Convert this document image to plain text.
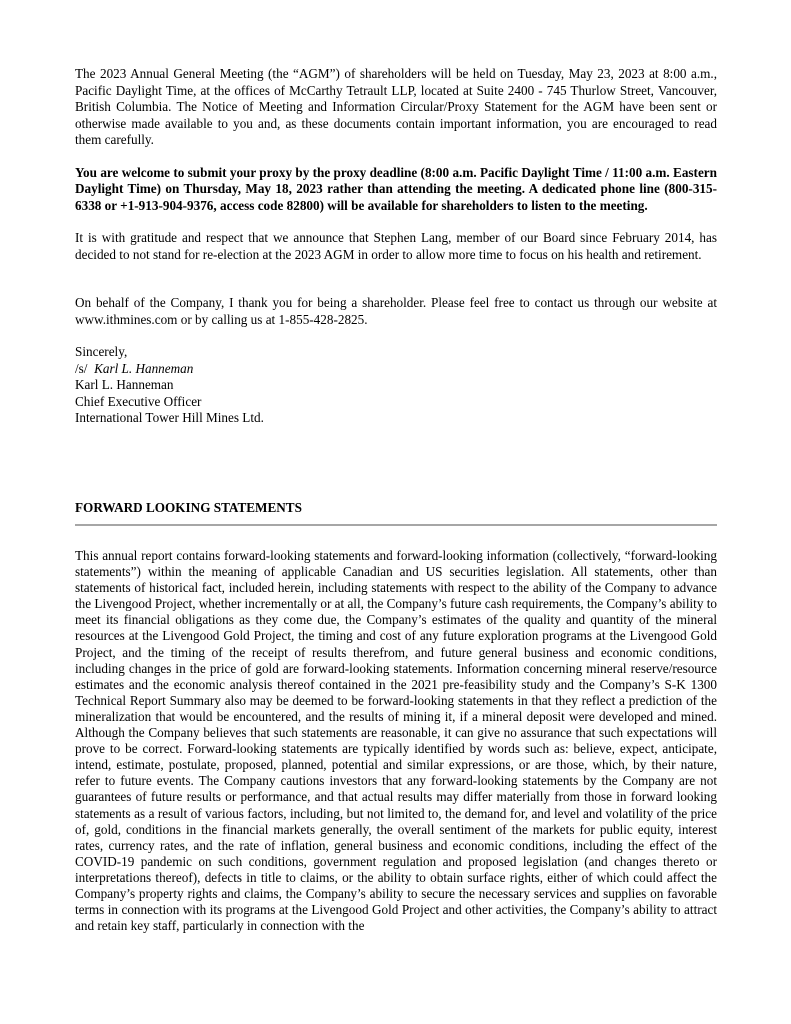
The 2023 Annual General Meeting (the “AGM”) of shareholders will be held on Tuesday, May 23, 2023 at 8:00 a.m., Pacific Daylight Time, at the offices of McCarthy Tetrault LLP, located at Suite 2400 - 745 Thurlow Street, Vancouver, British Columbia. The Notice of Meeting and Information Circular/Proxy Statement for the AGM have been sent or otherwise made available to you and, as these documents contain important information, you are encouraged to read them carefully.

You are welcome to submit your proxy by the proxy deadline (8:00 a.m. Pacific Daylight Time / 11:00 a.m. Eastern Daylight Time) on Thursday, May 18, 2023 rather than attending the meeting. A dedicated phone line (800-315-6338 or +1-913-904-9376, access code 82800) will be available for shareholders to listen to the meeting.

It is with gratitude and respect that we announce that Stephen Lang, member of our Board since February 2014, has decided to not stand for re-election at the 2023 AGM in order to allow more time to focus on his health and retirement.

On behalf of the Company, I thank you for being a shareholder. Please feel free to contact us through our website at www.ithmines.com or by calling us at 1-855-428-2825.

Sincerely,

/s/ Karl L. Hanneman

Karl L. Hanneman

Chief Executive Officer

International Tower Hill Mines Ltd.

FORWARD LOOKING STATEMENTS

This annual report contains forward-looking statements and forward-looking information (collectively, “forward-looking statements”) within the meaning of applicable Canadian and US securities legislation. All statements, other than statements of historical fact, included herein, including statements with respect to the ability of the Company to advance the Livengood Project, whether incrementally or at all, the Company’s future cash requirements, the Company’s ability to meet its financial obligations as they come due, the Company’s estimates of the quality and quantity of the mineral resources at the Livengood Gold Project, the timing and cost of any future exploration programs at the Livengood Gold Project, and the timing of the receipt of results therefrom, and future general business and economic conditions, including changes in the price of gold are forward-looking statements. Information concerning mineral reserve/resource estimates and the economic analysis thereof contained in the 2021 pre-feasibility study and the Company’s S-K 1300 Technical Report Summary also may be deemed to be forward-looking statements in that they reflect a prediction of the mineralization that would be encountered, and the results of mining it, if a mineral deposit were developed and mined. Although the Company believes that such statements are reasonable, it can give no assurance that such expectations will prove to be correct. Forward-looking statements are typically identified by words such as: believe, expect, anticipate, intend, estimate, postulate, proposed, planned, potential and similar expressions, or are those, which, by their nature, refer to future events. The Company cautions investors that any forward-looking statements by the Company are not guarantees of future results or performance, and that actual results may differ materially from those in forward looking statements as a result of various factors, including, but not limited to, the demand for, and level and volatility of the price of, gold, conditions in the financial markets generally, the overall sentiment of the markets for public equity, interest rates, currency rates, and the rate of inflation, general business and economic conditions, including the effect of the COVID-19 pandemic on such conditions, government regulation and proposed legislation (and changes thereto or interpretations thereof), defects in title to claims, or the ability to obtain surface rights, either of which could affect the Company’s property rights and claims, the Company’s ability to secure the necessary services and supplies on favorable terms in connection with its programs at the Livengood Gold Project and other activities, the Company’s ability to attract and retain key staff, particularly in connection with the
